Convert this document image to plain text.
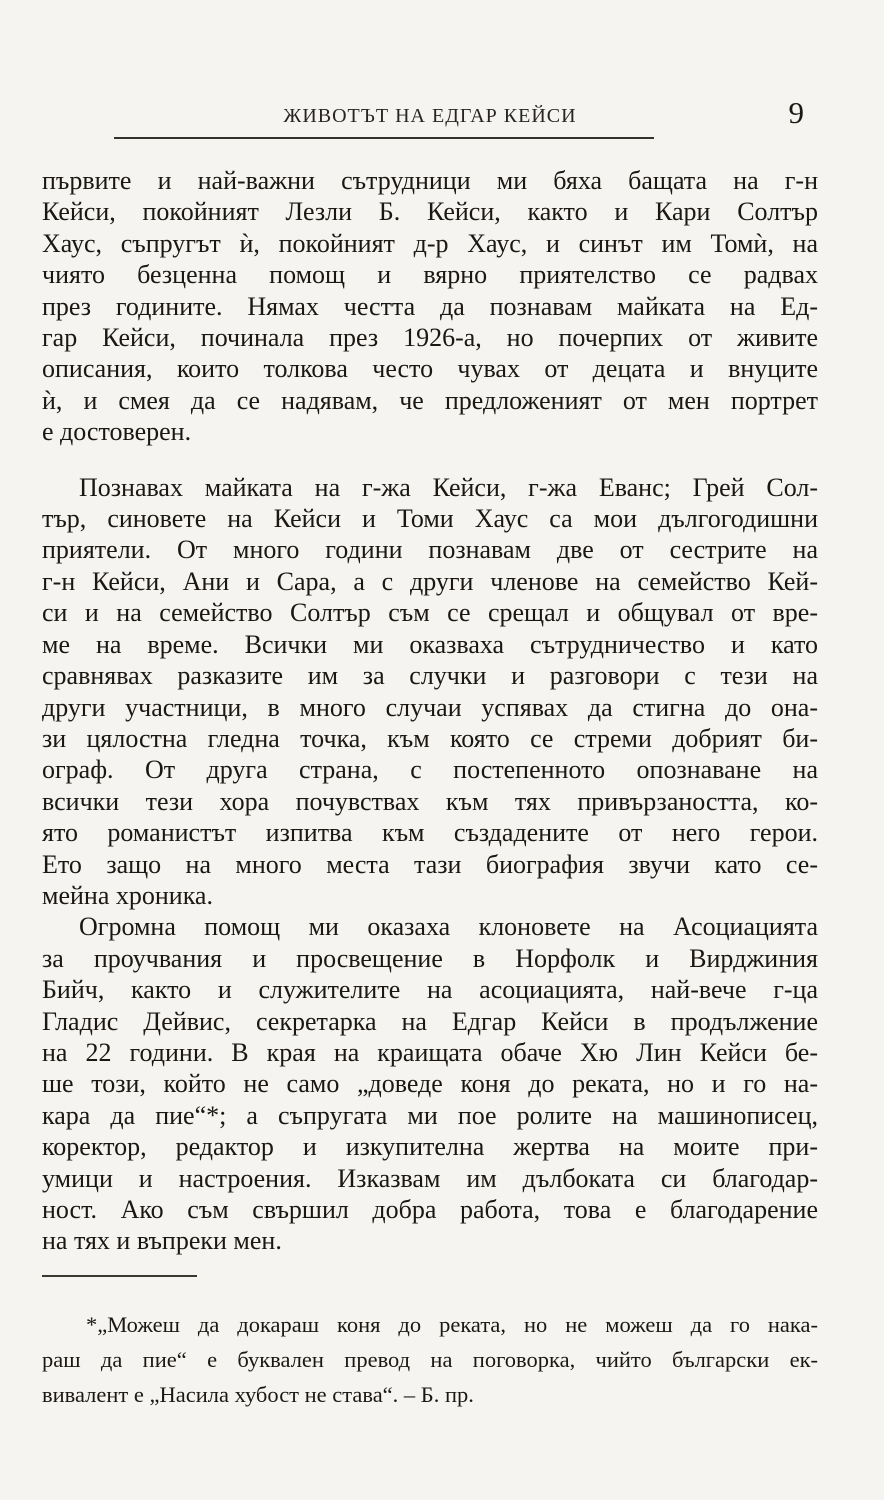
ЖИВОТЪТ НА ЕДГАР КЕЙСИ	9

първите и най-важни сътрудници ми бяха бащата на г-н
Кейси, покойният Лезли Б. Кейси, както и Кари Солтър
Хаус, съпругът ѝ, покойният д-р Хаус, и синът им Томѝ, на
чиято безценна помощ и вярно приятелство се радвах
през годините. Нямах честта да познавам майката на Ед-
гар Кейси, починала през 1926-а, но почерпих от живите
описания, които толкова често чувах от децата и внуците
ѝ, и смея да се надявам, че предложеният от мен портрет
е достоверен.

Познавах майката на г-жа Кейси, г-жа Еванс; Грей Сол-
тър, синовете на Кейси и Томи Хаус са мои дългогодишни
приятели. От много години познавам две от сестрите на
г-н Кейси, Ани и Сара, а с други членове на семейство Кей-
си и на семейство Солтър съм се срещал и общувал от вре-
ме на време. Всички ми оказваха сътрудничество и като
сравнявах разказите им за случки и разговори с тези на
други участници, в много случаи успявах да стигна до она-
зи цялостна гледна точка, към която се стреми добрият би-
ограф. От друга страна, с постепенното опознаване на
всички тези хора почувствах към тях привързаността, ко-
ято романистът изпитва към създадените от него герои.
Ето защо на много места тази биография звучи като се-
мейна хроника.

Огромна помощ ми оказаха клоновете на Асоциацията
за проучвания и просвещение в Норфолк и Вирджиния
Бийч, както и служителите на асоциацията, най-вече г-ца
Гладис Дейвис, секретарка на Едгар Кейси в продължение
на 22 години. В края на краищата обаче Хю Лин Кейси бе-
ше този, който не само „доведе коня до реката, но и го на-
кара да пие“*; а съпругата ми пое ролите на машинописец,
коректор, редактор и изкупителна жертва на моите при-
умици и настроения. Изказвам им дълбоката си благодар-
ност. Ако съм свършил добра работа, това е благодарение
на тях и въпреки мен.

*„Можеш да докараш коня до реката, но не можеш да го нака-
раш да пие“ е буквален превод на поговорка, чийто български ек-
вивалент е „Насила хубост не става“. – Б. пр.
